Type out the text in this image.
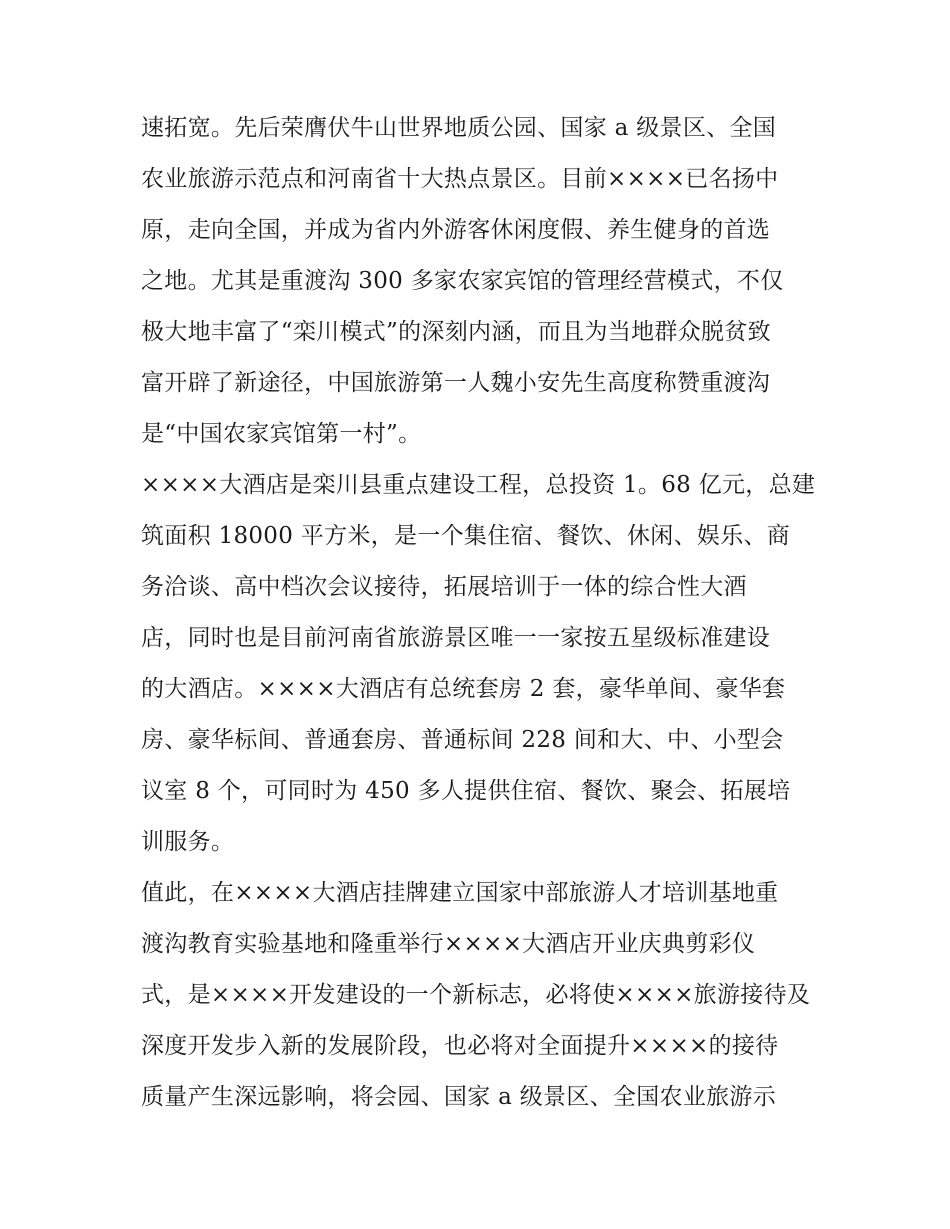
速拓宽。先后荣膺伏牛山世界地质公园、国家 a 级景区、全国
农业旅游示范点和河南省十大热点景区。目前××××已名扬中
原，走向全国，并成为省内外游客休闲度假、养生健身的首选
之地。尤其是重渡沟 300 多家农家宾馆的管理经营模式，不仅
极大地丰富了“栾川模式”的深刻内涵，而且为当地群众脱贫致
富开辟了新途径，中国旅游第一人魏小安先生高度称赞重渡沟
是“中国农家宾馆第一村”。
××××大酒店是栾川县重点建设工程，总投资 1。68 亿元，总建
筑面积 18000 平方米，是一个集住宿、餐饮、休闲、娱乐、商
务洽谈、高中档次会议接待，拓展培训于一体的综合性大酒
店，同时也是目前河南省旅游景区唯一一家按五星级标准建设
的大酒店。××××大酒店有总统套房 2 套，豪华单间、豪华套
房、豪华标间、普通套房、普通标间 228 间和大、中、小型会
议室 8 个，可同时为 450 多人提供住宿、餐饮、聚会、拓展培
训服务。
值此，在××××大酒店挂牌建立国家中部旅游人才培训基地重
渡沟教育实验基地和隆重举行××××大酒店开业庆典剪彩仪
式，是××××开发建设的一个新标志，必将使××××旅游接待及
深度开发步入新的发展阶段，也必将对全面提升××××的接待
质量产生深远影响，将会园、国家 a 级景区、全国农业旅游示
